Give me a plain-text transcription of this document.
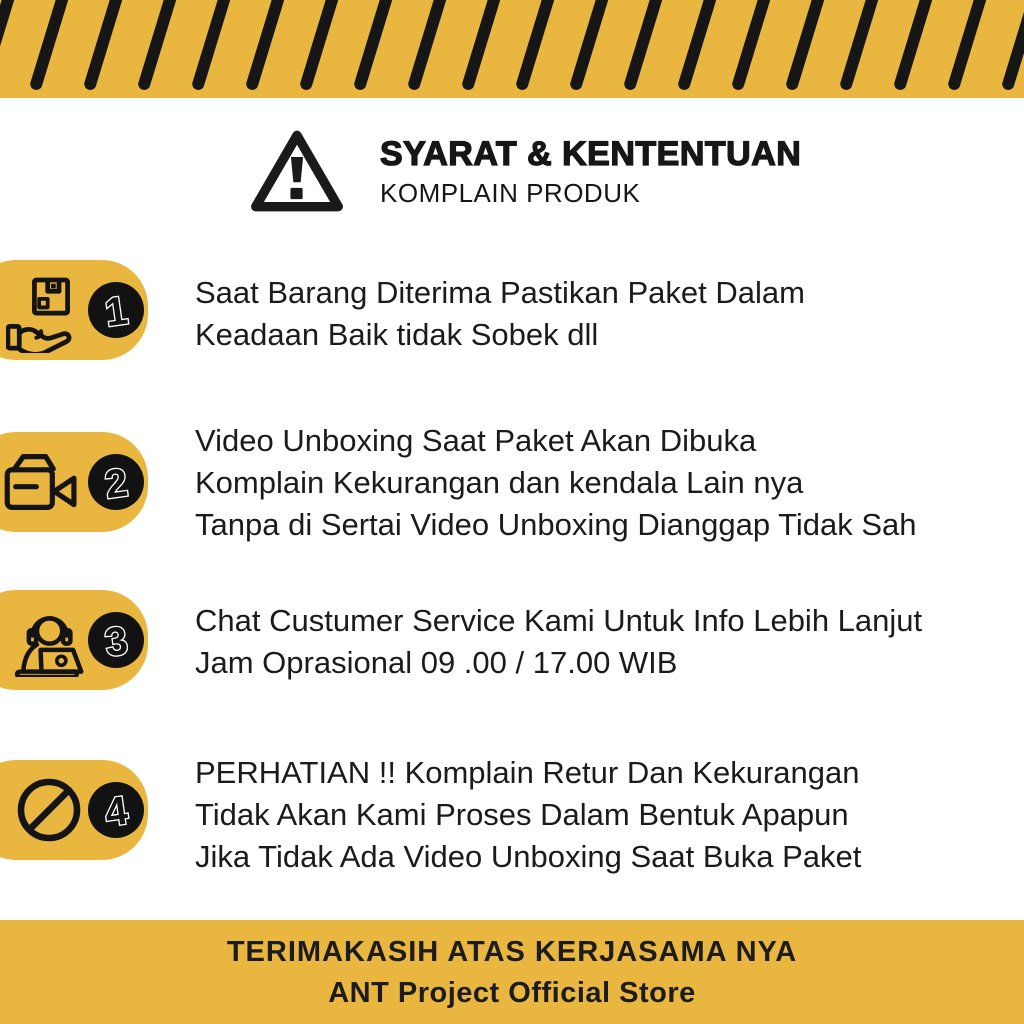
SYARAT & KENTENTUAN
KOMPLAIN PRODUK
1 Saat Barang Diterima Pastikan Paket Dalam

Keadaan Baik tidak Sobek dll

2

Video Unboxing Saat Paket Akan Dibuka

Komplain Kekurangan dan kendala Lain nya

Tanpa di Sertai Video Unboxing Dianggap Tidak Sah

3 Chat Custumer Service Kami Untuk Info Lebih Lanjut

Jam Oprasional 09 .00 / 17.00 WIB

4

PERHATIAN !! Komplain Retur Dan Kekurangan

Tidak Akan Kami Proses Dalam Bentuk Apapun

Jika Tidak Ada Video Unboxing Saat Buka Paket

TERIMAKASIH ATAS KERJASAMA NYA

ANT Project Official Store
